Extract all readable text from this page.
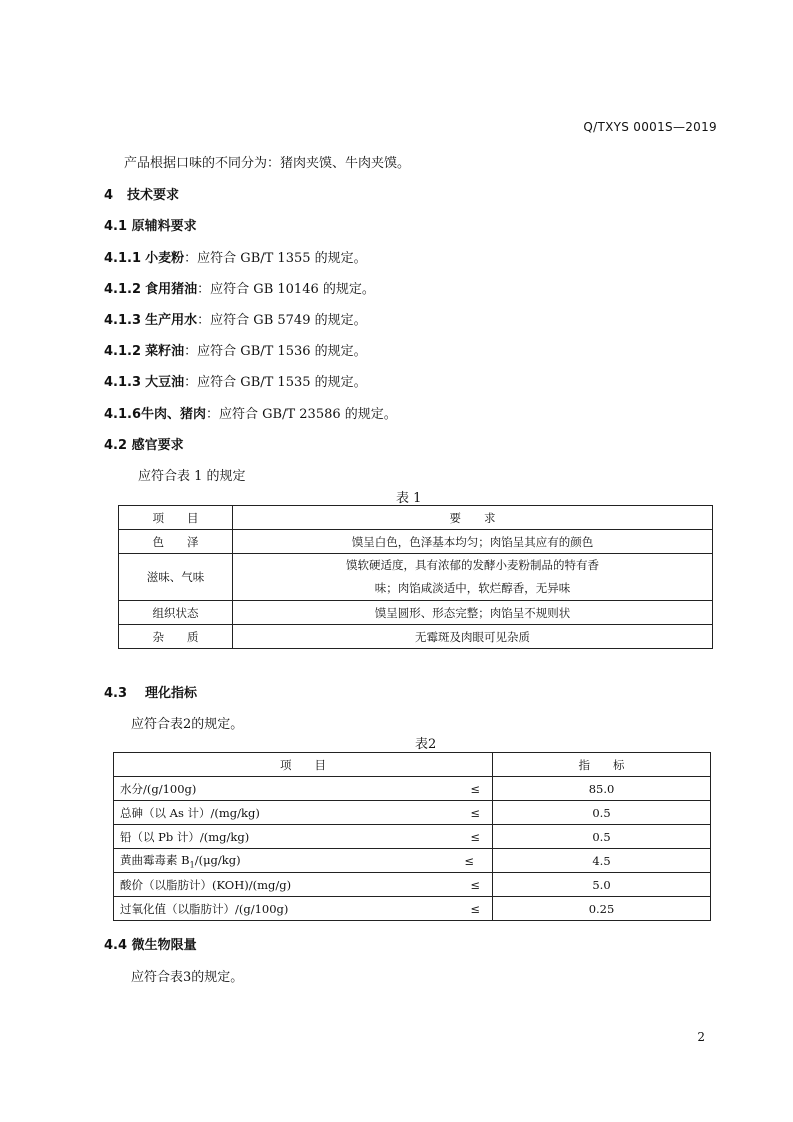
Q/TXYS 0001S—2019
产品根据口味的不同分为：猪肉夹馍、牛肉夹馍。
4 技术要求
4.1 原辅料要求
4.1.1 小麦粉：应符合 GB/T 1355 的规定。
4.1.2 食用猪油：应符合 GB 10146 的规定。
4.1.3 生产用水：应符合 GB 5749 的规定。
4.1.2 菜籽油：应符合 GB/T 1536 的规定。
4.1.3 大豆油：应符合 GB/T 1535 的规定。
4.1.6牛肉、猪肉：应符合 GB/T 23586 的规定。
4.2 感官要求
应符合表 1 的规定
表 1
项　　目	要　　求
色　　泽	馍呈白色，色泽基本均匀；肉馅呈其应有的颜色
滋味、气味	馍软硬适度，具有浓郁的发酵小麦粉制品的特有香
味；肉馅咸淡适中，软烂醇香，无异味

组织状态	馍呈圆形、形态完整；肉馅呈不规则状
杂　　质	无霉斑及肉眼可见杂质
4.3 理化指标
应符合表2的规定。
表2
项　　目	指　　标
水分/(g/100g) ≤	85.0
总砷（以 As 计）/(mg/kg) ≤	0.5
铅（以 Pb 计）/(mg/kg) ≤	0.5
黄曲霉毒素 $B_1/(\mu g/kg)$ ≤	4.5
酸价（以脂肪计）(KOH)/(mg/g) ≤	5.0
过氧化值（以脂肪计）/(g/100g) ≤	0.25
4.4 微生物限量
应符合表3的规定。
2
